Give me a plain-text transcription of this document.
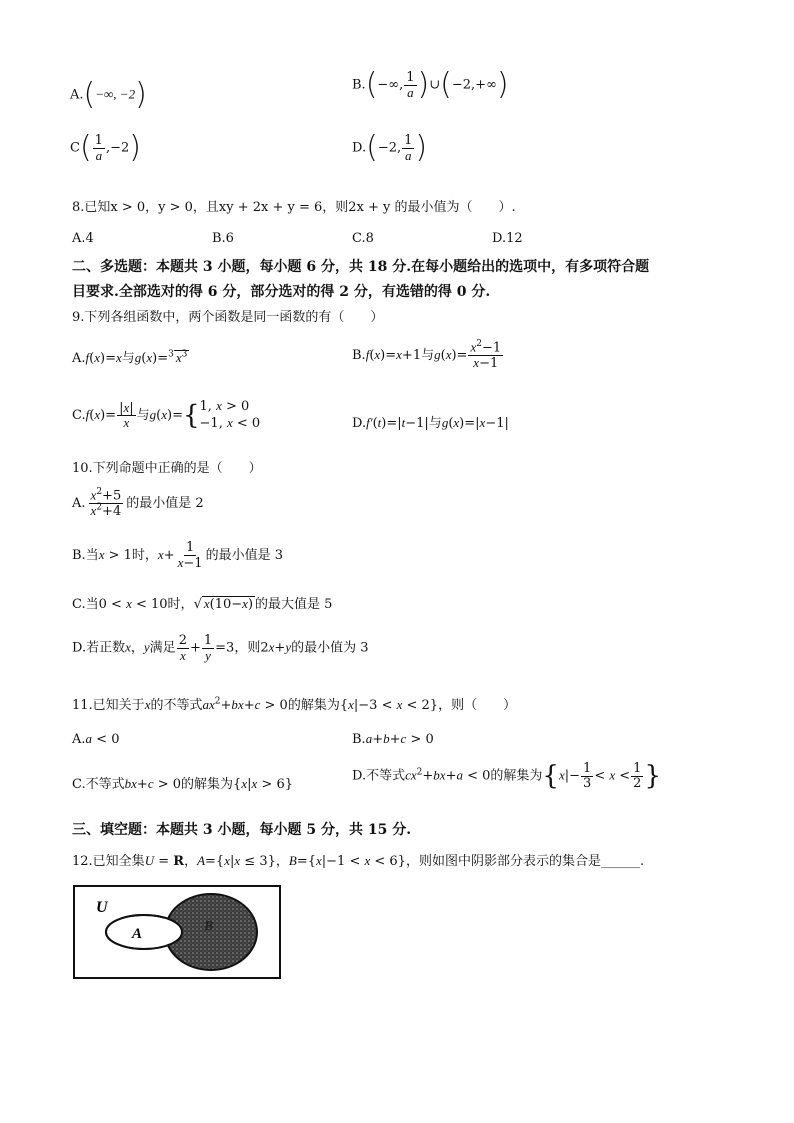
A.(−∞, −2)	B.(−∞, $\frac{1}{a}$ )∪(−2,+∞)
$C( \frac{1}{a} ,-2)$	D.(−2, $\frac{1}{a}$ )
8.已知x > 0，y > 0，且xy + 2x + y = 6，则2x + y 的最小值为（　　）.
A.4	B.6	C.8	D.12
二、多选题：本题共 3 小题，每小题 6 分，共 18 分.在每小题给出的选项中，有多项符合题
目要求.全部选对的得 6 分，部分选对的得 2 分，有选错的得 0 分.
9.下列各组函数中，两个函数是同一函数的有（　　）
A.f(x)=x与g(x)=$^3$ $x^3$	B.f(x)=x+1与$g(x)= \frac{x^2-1}{x-1}$
$C.f(x)= \frac{|x|}{x}$ 与g(x)={1, x > 0
−1, x < 0	D.f′(t)=|t−1|与g(x)=|x−1|
10.下列命题中正确的是（　　）
A. $\frac{x^2+5}{x^2+4}$ 的最小值是 2
B.当x > 1时，$x+ \frac{1}{x-1}$ 的最小值是 3
C.当0 < x < 10时，√ x(10−x) 的最大值是 5
D.若正数x，y满足 $\frac{2}{x} + \frac{1}{y} =3$，则2x+y的最小值为 3
11.已知关于x的不等式$ax^2+bx+c > 0$的解集为{x|−3 < x < 2}，则（　　）
A.a < 0	B.a+b+c > 0
C.不等式bx+c > 0的解集为{x|x > 6}
D.不等式$cx^2+bx+a < 0$的解集为{$x|- \frac{1}{3} < x < \frac{1}{2}$ }
三、填空题：本题共 3 小题，每小题 5 分，共 15 分.
12.已知全集U = R，A={x|x ≤ 3}，B={x|−1 < x < 6}，则如图中阴影部分表示的集合是______.
U
A	B
